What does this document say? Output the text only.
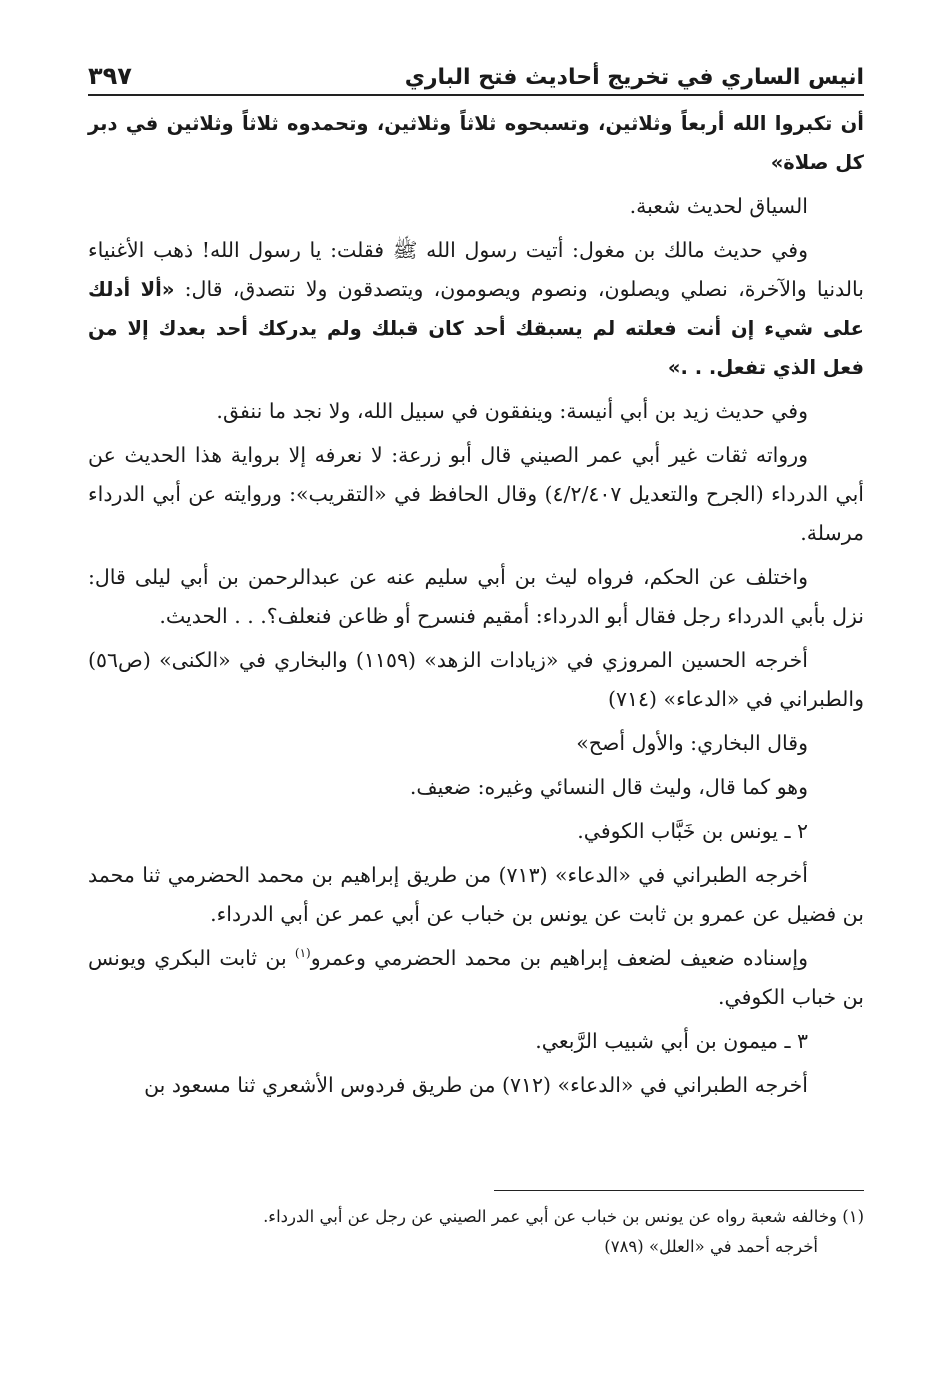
انيس الساري في تخريج أحاديث فتح الباري
٣٩٧

أن تكبروا الله أربعاً وثلاثين، وتسبحوه ثلاثاً وثلاثين، وتحمدوه ثلاثاً وثلاثين في دبر كل صلاة»

السياق لحديث شعبة.

وفي حديث مالك بن مغول: أتيت رسول الله ﷺ فقلت: يا رسول الله! ذهب الأغنياء بالدنيا والآخرة، نصلي ويصلون، ونصوم ويصومون، ويتصدقون ولا نتصدق، قال: «ألا أدلك على شيء إن أنت فعلته لم يسبقك أحد كان قبلك ولم يدركك أحد بعدك إلا من فعل الذي تفعل. . .»

وفي حديث زيد بن أبي أنيسة: وينفقون في سبيل الله، ولا نجد ما ننفق.

ورواته ثقات غير أبي عمر الصيني قال أبو زرعة: لا نعرفه إلا برواية هذا الحديث عن أبي الدرداء (الجرح والتعديل ٤/٢/٤٠٧) وقال الحافظ في «التقريب»: وروايته عن أبي الدرداء مرسلة.

واختلف عن الحكم، فرواه ليث بن أبي سليم عنه عن عبدالرحمن بن أبي ليلى قال: نزل بأبي الدرداء رجل فقال أبو الدرداء: أمقيم فنسرح أو ظاعن فنعلف؟. . . الحديث.

أخرجه الحسين المروزي في «زيادات الزهد» (١١٥٩) والبخاري في «الكنى» (ص٥٦) والطبراني في «الدعاء» (٧١٤)

وقال البخاري: والأول أصح»

وهو كما قال، وليث قال النسائي وغيره: ضعيف.

٢ ـ يونس بن خَبَّاب الكوفي.

أخرجه الطبراني في «الدعاء» (٧١٣) من طريق إبراهيم بن محمد الحضرمي ثنا محمد بن فضيل عن عمرو بن ثابت عن يونس بن خباب عن أبي عمر عن أبي الدرداء.

وإسناده ضعيف لضعف إبراهيم بن محمد الحضرمي وعمرو$^{(١)}$ بن ثابت البكري ويونس بن خباب الكوفي.

٣ ـ ميمون بن أبي شبيب الرَّبعي.

أخرجه الطبراني في «الدعاء» (٧١٢) من طريق فردوس الأشعري ثنا مسعود بن

(١) وخالفه شعبة رواه عن يونس بن خباب عن أبي عمر الصيني عن رجل عن أبي الدرداء.

أخرجه أحمد في «العلل» (٧٨٩)
